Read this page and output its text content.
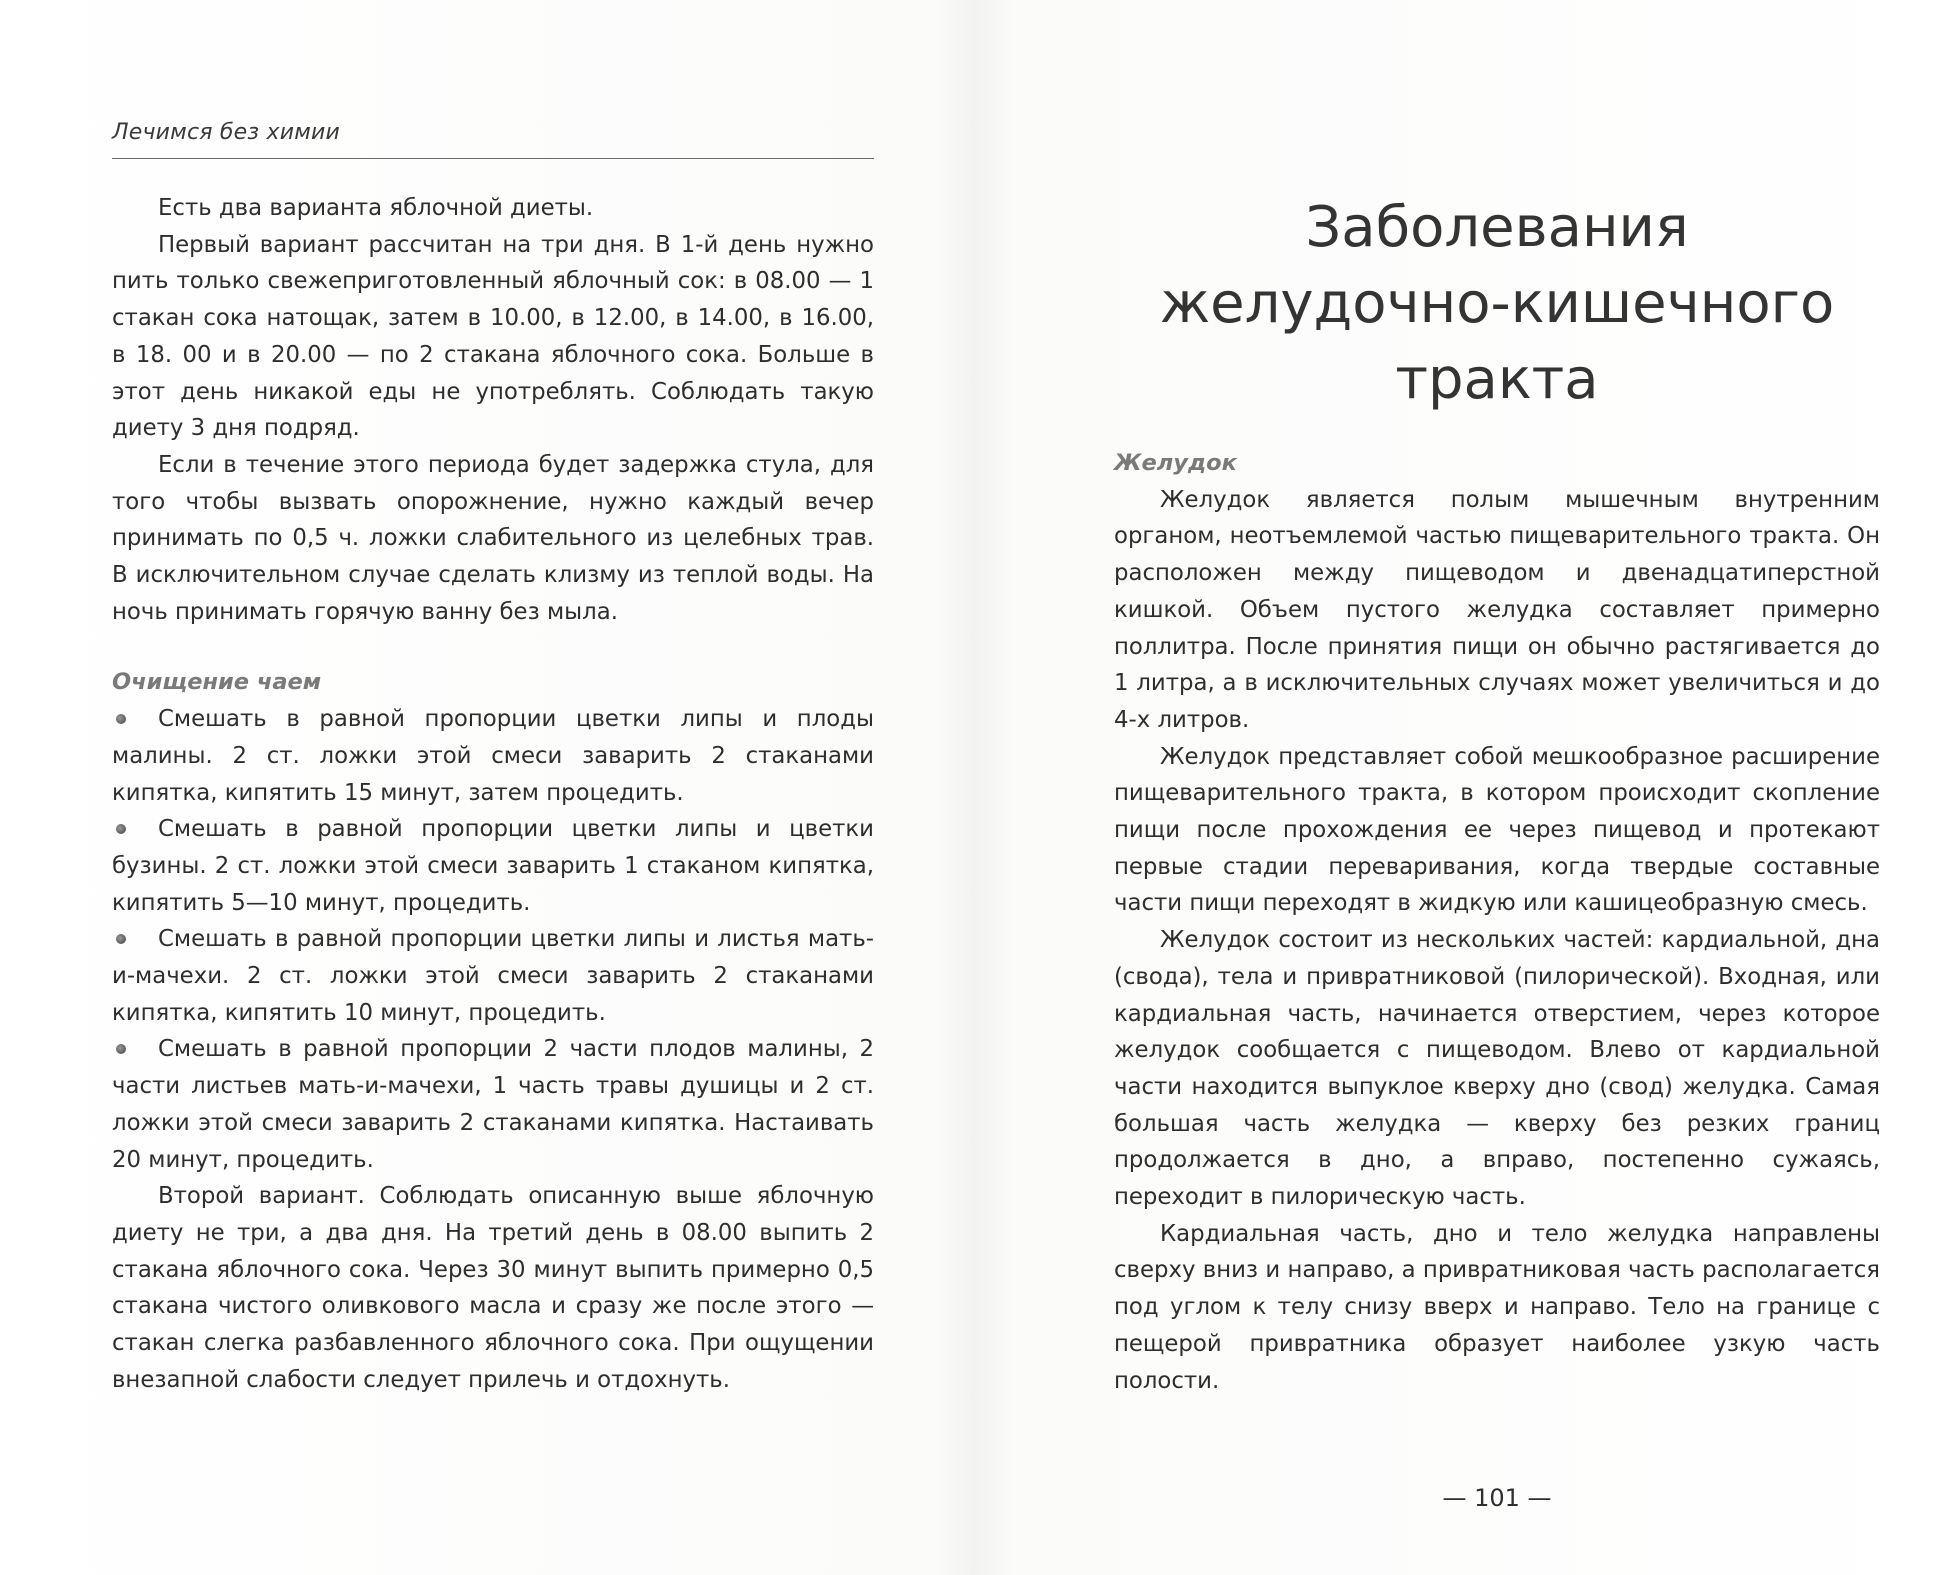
Лечимся без химии

Есть два варианта яблочной диеты.

Первый вариант рассчитан на три дня. В 1-й день нужно пить только свежеприготовленный яблочный сок: в 08.00 — 1 стакан сока натощак, затем в 10.00, в 12.00, в 14.00, в 16.00, в 18. 00 и в 20.00 — по 2 стакана яблочного сока. Больше в этот день никакой еды не употреблять. Соблюдать такую диету 3 дня подряд.

Если в течение этого периода будет задержка стула, для того чтобы вызвать опорожнение, нужно каждый вечер принимать по 0,5 ч. ложки слабительного из целебных трав. В исключительном случае сделать клизму из теплой воды. На ночь принимать горячую ванну без мыла.

Очищение чаем

Смешать в равной пропорции цветки липы и плоды малины. 2 ст. ложки этой смеси заварить 2 стаканами кипятка, кипятить 15 минут, затем процедить.

Смешать в равной пропорции цветки липы и цветки бузины. 2 ст. ложки этой смеси заварить 1 стаканом кипятка, кипятить 5—10 минут, процедить.

Смешать в равной пропорции цветки липы и листья мать-и-мачехи. 2 ст. ложки этой смеси заварить 2 стаканами кипятка, кипятить 10 минут, процедить.

Смешать в равной пропорции 2 части плодов малины, 2 части листьев мать-и-мачехи, 1 часть травы душицы и 2 ст. ложки этой смеси заварить 2 стаканами кипятка. Настаивать 20 минут, процедить.

Второй вариант. Соблюдать описанную выше яблочную диету не три, а два дня. На третий день в 08.00 выпить 2 стакана яблочного сока. Через 30 минут выпить примерно 0,5 стакана чистого оливкового масла и сразу же после этого — стакан слегка разбавленного яблочного сока. При ощущении внезапной слабости следует прилечь и отдохнуть.

Заболевания
желудочно-кишечного
тракта

Желудок

Желудок является полым мышечным внутренним органом, неотъемлемой частью пищеварительного тракта. Он расположен между пищеводом и двенадцатиперстной кишкой. Объем пустого желудка составляет примерно поллитра. После принятия пищи он обычно растягивается до 1 литра, а в исключительных случаях может увеличиться и до 4-х литров.

Желудок представляет собой мешкообразное расширение пищеварительного тракта, в котором происходит скопление пищи после прохождения ее через пищевод и протекают первые стадии переваривания, когда твердые составные части пищи переходят в жидкую или кашицеобразную смесь.

Желудок состоит из нескольких частей: кардиальной, дна (свода), тела и привратниковой (пилорической). Входная, или кардиальная часть, начинается отверстием, через которое желудок сообщается с пищеводом. Влево от кардиальной части находится выпуклое кверху дно (свод) желудка. Самая большая часть желудка — кверху без резких границ продолжается в дно, а вправо, постепенно сужаясь, переходит в пилорическую часть.

Кардиальная часть, дно и тело желудка направлены сверху вниз и направо, а привратниковая часть располагается под углом к телу снизу вверх и направо. Тело на границе с пещерой привратника образует наиболее узкую часть полости.

— 101 —
